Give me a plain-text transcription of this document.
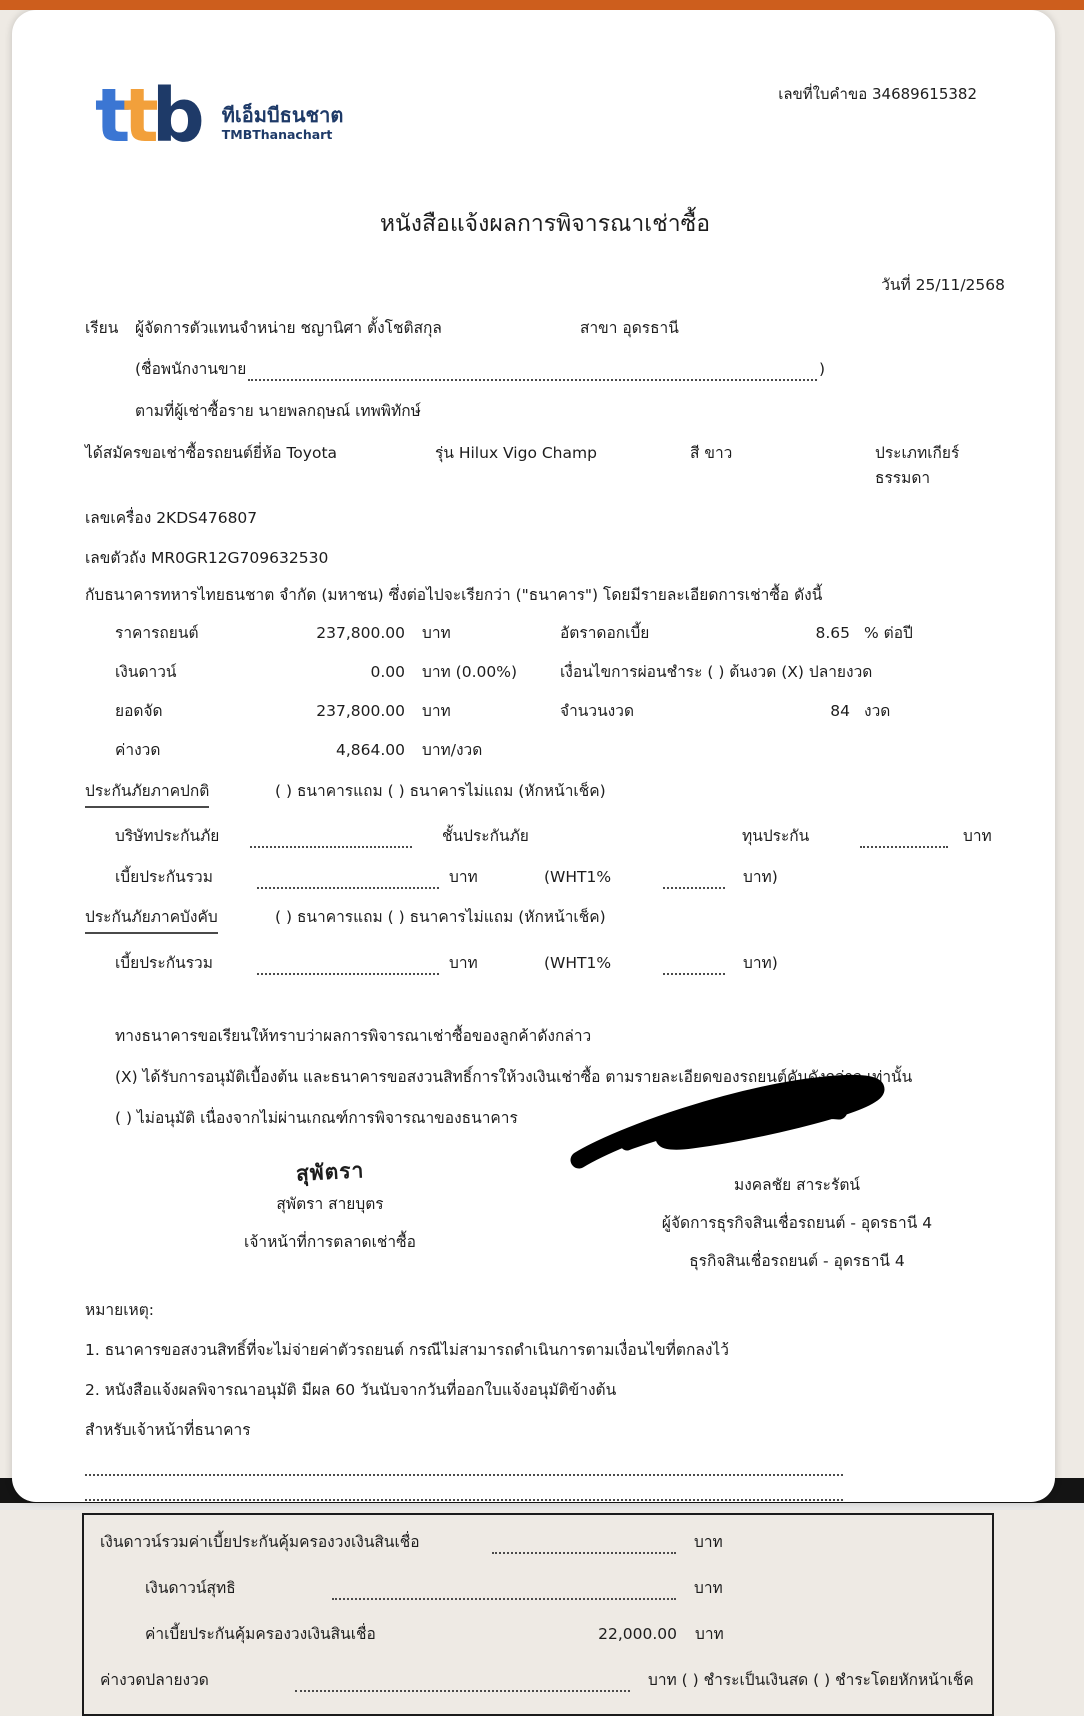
เลขที่ใบคำขอ 34689615382
ttb ทีเอ็มบีธนชาต
TMBThanachart
หนังสือแจ้งผลการพิจารณาเช่าซื้อ
วันที่ 25/11/2568
เรียน	ผู้จัดการตัวแทนจำหน่าย ชญานิศา ตั้งโชติสกุล	สาขา อุดรธานี
(ชื่อพนักงานขาย	)
ตามที่ผู้เช่าซื้อราย นายพลกฤษณ์ เทพพิทักษ์
ได้สมัครขอเช่าซื้อรถยนต์ยี่ห้อ Toyota	รุ่น Hilux Vigo Champ	สี ขาว	ประเภทเกียร์ ธรรมดา
เลขเครื่อง 2KDS476807
เลขตัวถัง MR0GR12G709632530
กับธนาคารทหารไทยธนชาต จำกัด (มหาชน) ซึ่งต่อไปจะเรียกว่า ("ธนาคาร") โดยมีรายละเอียดการเช่าซื้อ ดังนี้
ราคารถยนต์	237,800.00	บาท	อัตราดอกเบี้ย	8.65 % ต่อปี
เงินดาวน์	0.00	บาท (0.00%)	เงื่อนไขการผ่อนชำระ ( ) ต้นงวด (X) ปลายงวด
ยอดจัด	237,800.00	บาท	จำนวนงวด	84 งวด
ค่างวด	4,864.00	บาท/งวด
ประกันภัยภาคปกติ	( ) ธนาคารแถม ( ) ธนาคารไม่แถม (หักหน้าเช็ค)
บริษัทประกันภัย	ชั้นประกันภัย	ทุนประกัน	บาท
เบี้ยประกันรวม	บาท	(WHT1%	บาท)
ประกันภัยภาคบังคับ	( ) ธนาคารแถม ( ) ธนาคารไม่แถม (หักหน้าเช็ค)
เบี้ยประกันรวม	บาท	(WHT1%	บาท)
ทางธนาคารขอเรียนให้ทราบว่าผลการพิจารณาเช่าซื้อของลูกค้าดังกล่าว
(X) ได้รับการอนุมัติเบื้องต้น และธนาคารขอสงวนสิทธิ์การให้วงเงินเช่าซื้อ ตามรายละเอียดของรถยนต์คันดังกล่าว เท่านั้น
( ) ไม่อนุมัติ เนื่องจากไม่ผ่านเกณฑ์การพิจารณาของธนาคาร
สุพัตรา
สุพัตรา สายบุตร
เจ้าหน้าที่การตลาดเช่าซื้อ
มงคลชัย สาระรัตน์
ผู้จัดการธุรกิจสินเชื่อรถยนต์ - อุดรธานี 4
ธุรกิจสินเชื่อรถยนต์ - อุดรธานี 4
หมายเหตุ:
1. ธนาคารขอสงวนสิทธิ์ที่จะไม่จ่ายค่าตัวรถยนต์ กรณีไม่สามารถดำเนินการตามเงื่อนไขที่ตกลงไว้
2. หนังสือแจ้งผลพิจารณาอนุมัติ มีผล 60 วันนับจากวันที่ออกใบแจ้งอนุมัติข้างต้น
สำหรับเจ้าหน้าที่ธนาคาร
เงินดาวน์รวมค่าเบี้ยประกันคุ้มครองวงเงินสินเชื่อ	บาท
เงินดาวน์สุทธิ	บาท
ค่าเบี้ยประกันคุ้มครองวงเงินสินเชื่อ	22,000.00	บาท
ค่างวดปลายงวด	บาท ( ) ชำระเป็นเงินสด ( ) ชำระโดยหักหน้าเช็ค
